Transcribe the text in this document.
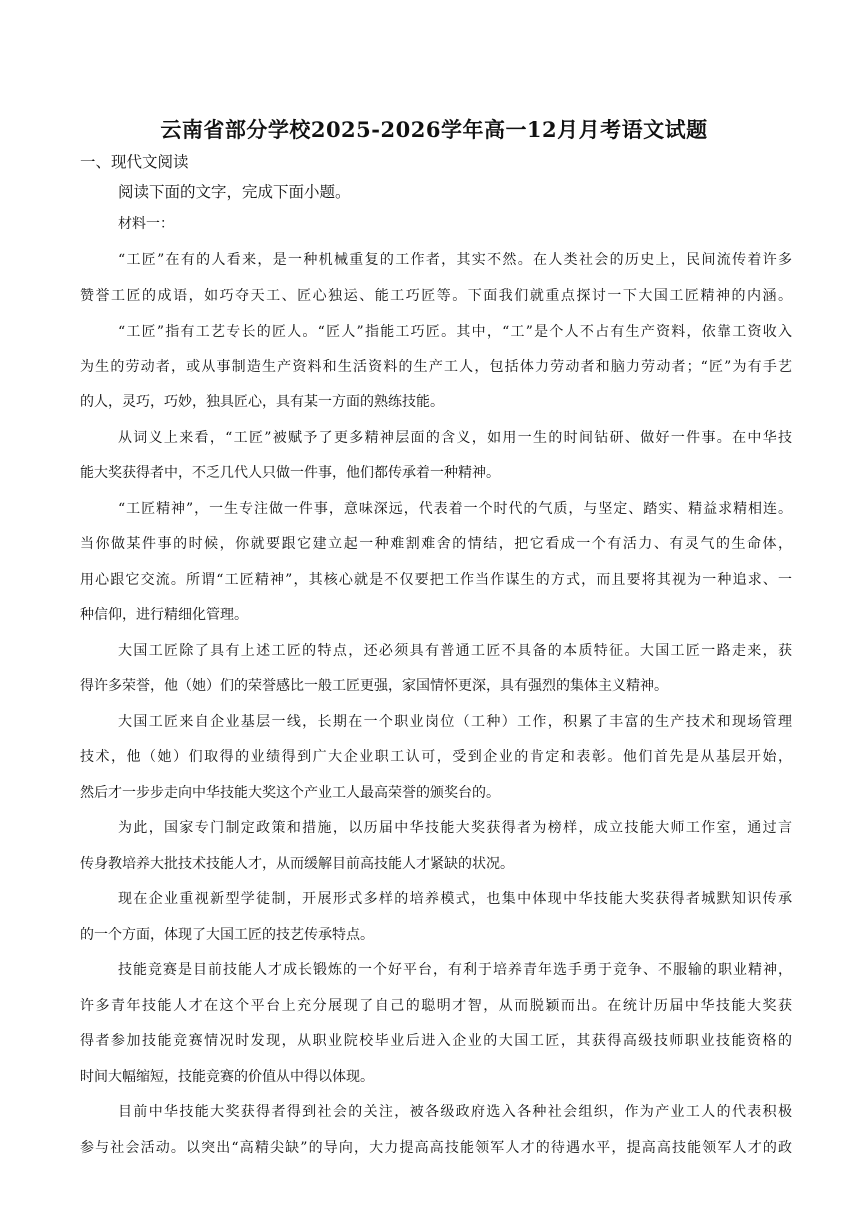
云南省部分学校2025-2026学年高一12月月考语文试题
一、现代文阅读
阅读下面的文字，完成下面小题。
材料一：
“工匠”在有的人看来，是一种机械重复的工作者，其实不然。在人类社会的历史上，民间流传着许多
赞誉工匠的成语，如巧夺天工、匠心独运、能工巧匠等。下面我们就重点探讨一下大国工匠精神的内涵。
“工匠”指有工艺专长的匠人。“匠人”指能工巧匠。其中，“工”是个人不占有生产资料，依靠工资收入
为生的劳动者，或从事制造生产资料和生活资料的生产工人，包括体力劳动者和脑力劳动者；“匠”为有手艺
的人，灵巧，巧妙，独具匠心，具有某一方面的熟练技能。
从词义上来看，“工匠”被赋予了更多精神层面的含义，如用一生的时间钻研、做好一件事。在中华技
能大奖获得者中，不乏几代人只做一件事，他们都传承着一种精神。
“工匠精神”，一生专注做一件事，意味深远，代表着一个时代的气质，与坚定、踏实、精益求精相连。
当你做某件事的时候，你就要跟它建立起一种难割难舍的情结，把它看成一个有活力、有灵气的生命体，
用心跟它交流。所谓“工匠精神”，其核心就是不仅要把工作当作谋生的方式，而且要将其视为一种追求、一
种信仰，进行精细化管理。
大国工匠除了具有上述工匠的特点，还必须具有普通工匠不具备的本质特征。大国工匠一路走来，获
得许多荣誉，他（她）们的荣誉感比一般工匠更强，家国情怀更深，具有强烈的集体主义精神。
大国工匠来自企业基层一线，长期在一个职业岗位（工种）工作，积累了丰富的生产技术和现场管理
技术，他（她）们取得的业绩得到广大企业职工认可，受到企业的肯定和表彰。他们首先是从基层开始，
然后才一步步走向中华技能大奖这个产业工人最高荣誉的颁奖台的。
为此，国家专门制定政策和措施，以历届中华技能大奖获得者为榜样，成立技能大师工作室，通过言
传身教培养大批技术技能人才，从而缓解目前高技能人才紧缺的状况。
现在企业重视新型学徒制，开展形式多样的培养模式，也集中体现中华技能大奖获得者城默知识传承
的一个方面，体现了大国工匠的技艺传承特点。
技能竞赛是目前技能人才成长锻炼的一个好平台，有利于培养青年选手勇于竞争、不服输的职业精神，
许多青年技能人才在这个平台上充分展现了自己的聪明才智，从而脱颖而出。在统计历届中华技能大奖获
得者参加技能竞赛情况时发现，从职业院校毕业后进入企业的大国工匠，其获得高级技师职业技能资格的
时间大幅缩短，技能竞赛的价值从中得以体现。
目前中华技能大奖获得者得到社会的关注，被各级政府选入各种社会组织，作为产业工人的代表积极
参与社会活动。以突出“高精尖缺”的导向，大力提高高技能领军人才的待遇水平，提高高技能领军人才的政
